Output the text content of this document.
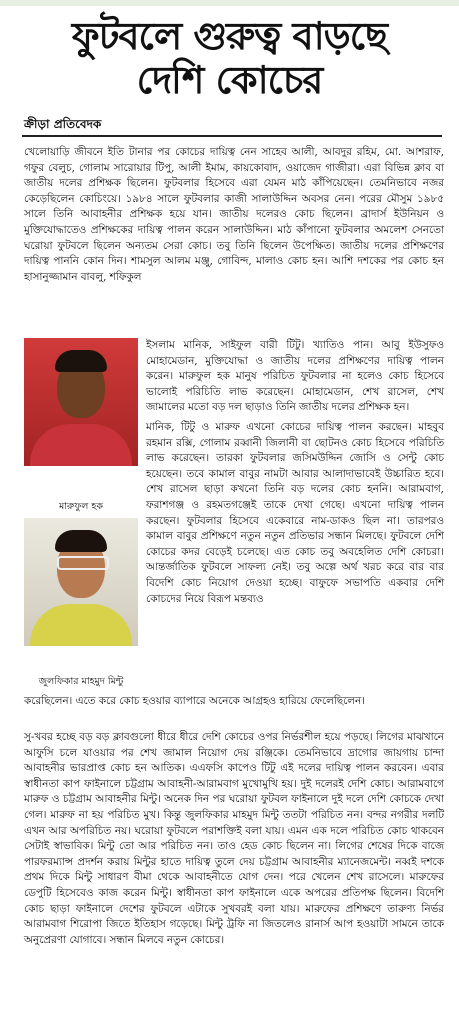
ফুটবলে গুরুত্ব বাড়ছে
দেশি কোচের
ক্রীড়া প্রতিবেদক

খেলোয়াড়ি জীবনে ইতি টানার পর কোচের দায়িত্ব নেন সাহেব আলী, আবদুর রহিম, মো. আশরাফ, গফুর বেলুচ, গোলাম সারোয়ার টিপু, আলী ইমাম, কায়কোবাদ, ওয়াজেদ গাজীরা। এরা বিভিন্ন ক্লাব বা জাতীয় দলের প্রশিক্ষক ছিলেন। ফুটবলার হিসেবে এরা যেমন মাঠ কাঁপিয়েছেন। তেমনিভাবে নজর কেড়েছিলেন কোচিংয়ে। ১৯৮৪ সালে ফুটবলার কাজী সালাউদ্দিন অবসর নেন। পরের মৌসুম ১৯৮৫ সালে তিনি আবাহনীর প্রশিক্ষক হয়ে যান। জাতীয় দলেরও কোচ ছিলেন। ব্রাদার্স ইউনিয়ন ও মুক্তিযোদ্ধাতেও প্রশিক্ষকের দায়িত্ব পালন করেন সালাউদ্দিন। মাঠ কাঁপানো ফুটবলার অমলেশ সেনতো ঘরোয়া ফুটবলে ছিলেন অন্যতম সেরা কোচ। তবু তিনি ছিলেন উপেক্ষিত। জাতীয় দলের প্রশিক্ষণের দায়িত্ব পাননি কোন দিন। শামসুল আলম মঞ্জু, গোবিন্দ, মালাও কোচ হন। আশি দশকের পর কোচ হন হাসানুজ্জামান বাবলু, শফিকুল

মারুফুল হক
জুলফিকার মাহমুদ মিন্টু

ইসলাম মানিক, সাইফুল বারী টিটু। খ্যাতিও পান। আবু ইউসুফও মোহামেডান, মুক্তিযোদ্ধা ও জাতীয় দলের প্রশিক্ষণের দায়িত্ব পালন করেন। মারুফুল হক মানুষ পরিচিত ফুটবলার না হলেও কোচ হিসেবে ভালোই পরিচিতি লাভ করেছেন। মোহামেডান, শেখ রাসেল, শেখ জামালের মতো বড় দল ছাড়াও তিনি জাতীয় দলের প্রশিক্ষক হন।

মানিক, টিটু ও মারুফ এখনো কোচের দায়িত্ব পালন করছেন। মাহবুব রহমান রক্সি, গোলাম রব্বানী জিলানী বা ছোটনও কোচ হিসেবে পরিচিতি লাভ করেছেন। তারকা ফুটবলার জসিমউদ্দিন জোসি ও সেন্টু কোচ হয়েছেন। তবে কামাল বাবুর নামটা আবার আলাদাভাবেই উচ্চারিত হবে। শেখ রাসেল ছাড়া কখনো তিনি বড় দলের কোচ হননি। আরামবাগ, ফরাশগঞ্জ ও রহমতগঞ্জেই তাকে দেখা গেছে। এখনো দায়িত্ব পালন করছেন। ফুটবলার হিসেবে একেবারে নাম-ডাকও ছিল না। তারপরও কামাল বাবুর প্রশিক্ষণে নতুন নতুন প্রতিভার সন্ধান মিলছে। ফুটবলে দেশি কোচের কদর বেড়েই চলেছে। এত কোচ তবু অবহেলিত দেশি কোচরা। আন্তর্জাতিক ফুটবলে সাফল্য নেই। তবু অল্পে অর্থ খরচ করে বার বার বিদেশি কোচ নিয়োগ দেওয়া হচ্ছে। বাফুফে সভাপতি একবার দেশি কোচদের নিয়ে বিরূপ মন্তব্যও

করেছিলেন। এতে করে কোচ হওয়ার ব্যাপারে অনেকে আগ্রহও হারিয়ে ফেলেছিলেন।

সু-খবর হচ্ছে বড় বড় ক্লাবগুলো ধীরে ধীরে দেশি কোচের ওপর নির্ভরশীল হয়ে পড়ছে। লিগের মাঝখানে আফুসি চলে যাওয়ার পর শেখ জামাল নিয়োগ দেয় রঞ্জিকে। তেমনিভাবে দ্রাগোর জায়গায় চান্দা আবাহনীর ভারপ্রাপ্ত কোচ হন আতিক। এএফসি কাপেও টিটু এই দলের দায়িত্ব পালন করবেন। এবার স্বাধীনতা কাপ ফাইনালে চট্টগ্রাম আবাহনী-আরামবাগ মুখোমুখি হয়। দুই দলেরই দেশি কোচ। আরামবাগে মারুফ ও চট্টগ্রাম আবাহনীর মিন্টু। অনেক দিন পর ঘরোয়া ফুটবল ফাইনালে দুই দলে দেশি কোচকে দেখা গেল। মারুফ না হয় পরিচিত মুখ। কিন্তু জুলফিকার মাহমুদ মিন্টু ততটা পরিচিত নন। বন্দর নগরীর দলটি এখন আর অপরিচিত নয়। ঘরোয়া ফুটবলে পরাশক্তিই বলা যায়। এমন এক দলে পরিচিত কোচ থাকবেন সেটাই স্বাভাবিক। মিন্টু তো আর পরিচিত নন। তাও হেড কোচ ছিলেন না। লিগের শেষের দিকে বাজে পারফরম্যান্স প্রদর্শন করায় মিন্টুর হাতে দায়িত্ব তুলে দেয় চট্টগ্রাম আবাহনীর ম্যানেজমেন্ট। নব্বই দশকে প্রথম দিকে মিন্টু সাধারণ বীমা থেকে আবাহনীতে যোগ দেন। পরে খেলেন শেখ রাসেলে। মারুফের ডেপুটি হিসেবেও কাজ করেন মিন্টু। স্বাধীনতা কাপ ফাইনালে একে অপরের প্রতিপক্ষ ছিলেন। বিদেশি কোচ ছাড়া ফাইনালে দেশের ফুটবলে এটাকে সুখবরই বলা যায়। মারুফের প্রশিক্ষণে তারুণ্য নির্ভর আরামবাগ শিরোপা জিতে ইতিহাস গড়েছে। মিন্টু ট্রফি না জিতলেও রানার্স আপ হওয়াটা সামনে তাকে অনুপ্রেরণা যোগাবে। সন্ধান মিলবে নতুন কোচের।
